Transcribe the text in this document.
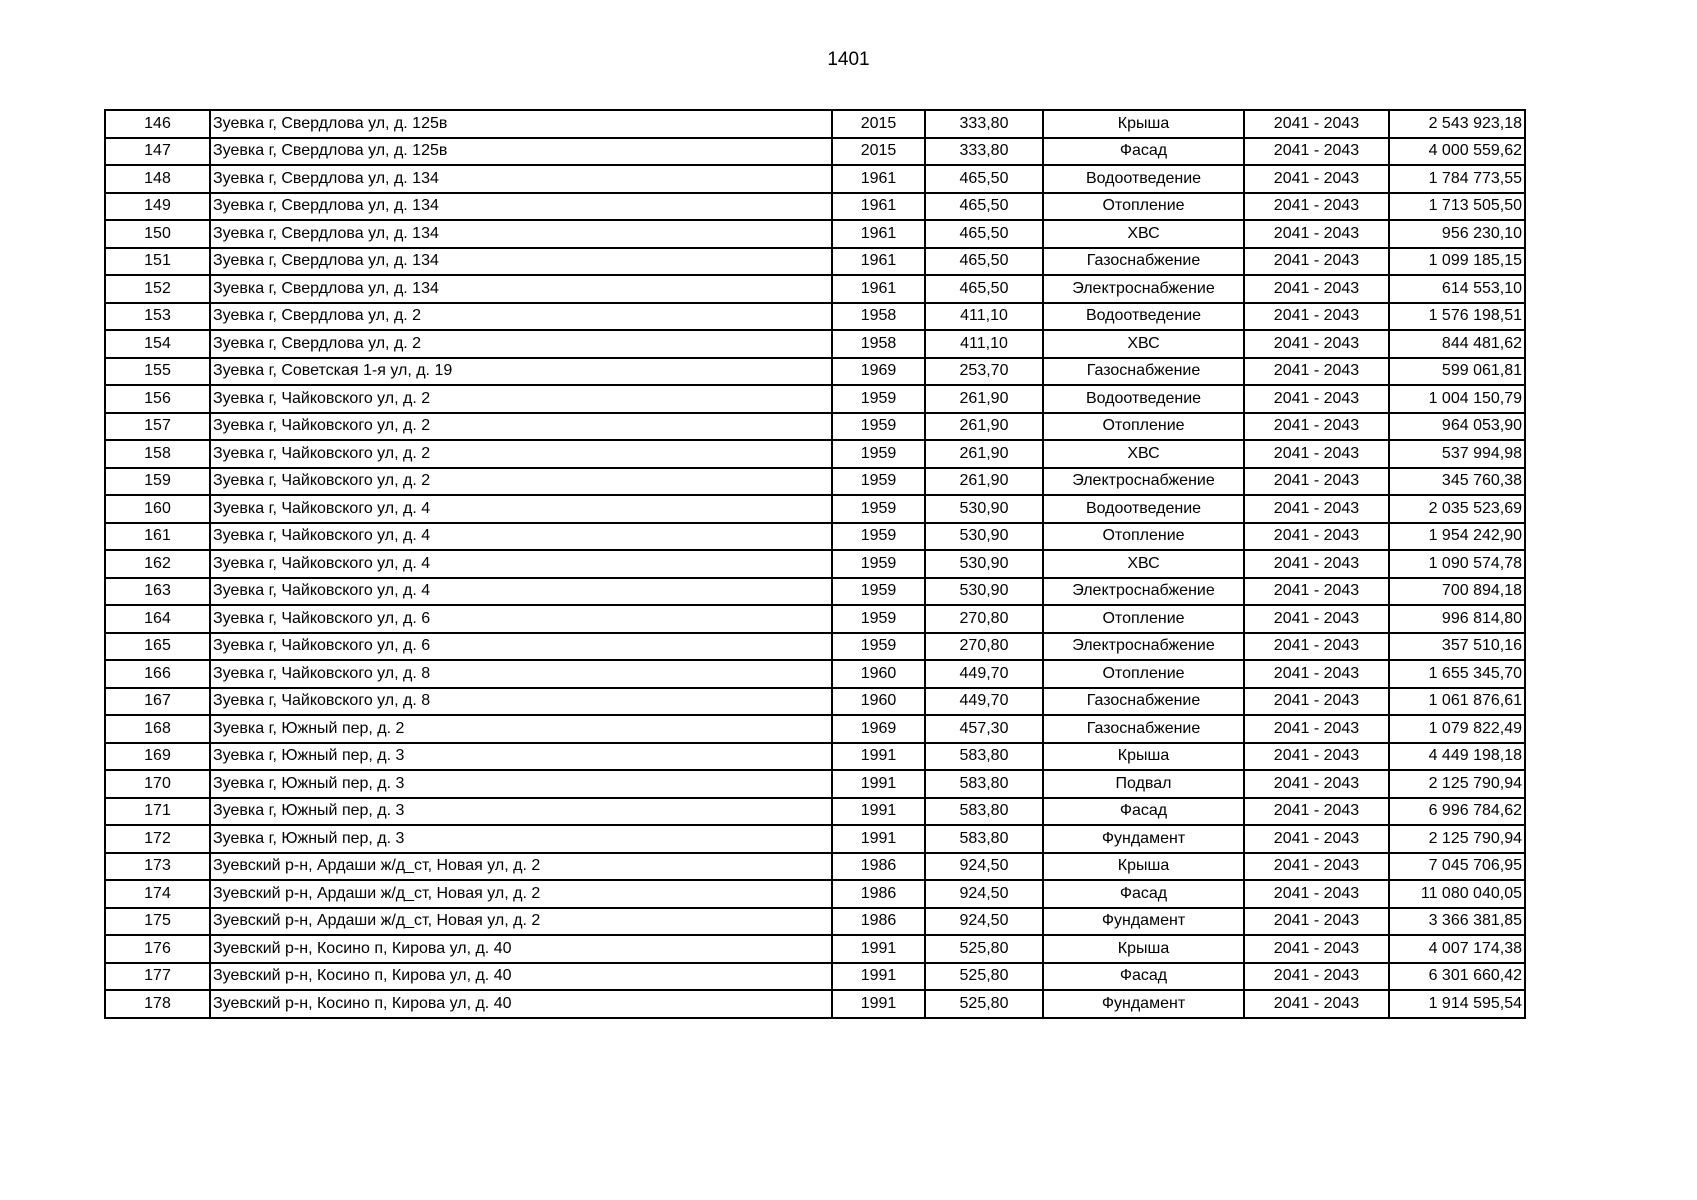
1401
146	Зуевка г, Свердлова ул, д. 125в	2015	333,80	Крыша	2041 - 2043	2 543 923,18
147	Зуевка г, Свердлова ул, д. 125в	2015	333,80	Фасад	2041 - 2043	4 000 559,62
148	Зуевка г, Свердлова ул, д. 134	1961	465,50	Водоотведение	2041 - 2043	1 784 773,55
149	Зуевка г, Свердлова ул, д. 134	1961	465,50	Отопление	2041 - 2043	1 713 505,50
150	Зуевка г, Свердлова ул, д. 134	1961	465,50	ХВС	2041 - 2043	956 230,10
151	Зуевка г, Свердлова ул, д. 134	1961	465,50	Газоснабжение	2041 - 2043	1 099 185,15
152	Зуевка г, Свердлова ул, д. 134	1961	465,50	Электроснабжение	2041 - 2043	614 553,10
153	Зуевка г, Свердлова ул, д. 2	1958	411,10	Водоотведение	2041 - 2043	1 576 198,51
154	Зуевка г, Свердлова ул, д. 2	1958	411,10	ХВС	2041 - 2043	844 481,62
155	Зуевка г, Советская 1-я ул, д. 19	1969	253,70	Газоснабжение	2041 - 2043	599 061,81
156	Зуевка г, Чайковского ул, д. 2	1959	261,90	Водоотведение	2041 - 2043	1 004 150,79
157	Зуевка г, Чайковского ул, д. 2	1959	261,90	Отопление	2041 - 2043	964 053,90
158	Зуевка г, Чайковского ул, д. 2	1959	261,90	ХВС	2041 - 2043	537 994,98
159	Зуевка г, Чайковского ул, д. 2	1959	261,90	Электроснабжение	2041 - 2043	345 760,38
160	Зуевка г, Чайковского ул, д. 4	1959	530,90	Водоотведение	2041 - 2043	2 035 523,69
161	Зуевка г, Чайковского ул, д. 4	1959	530,90	Отопление	2041 - 2043	1 954 242,90
162	Зуевка г, Чайковского ул, д. 4	1959	530,90	ХВС	2041 - 2043	1 090 574,78
163	Зуевка г, Чайковского ул, д. 4	1959	530,90	Электроснабжение	2041 - 2043	700 894,18
164	Зуевка г, Чайковского ул, д. 6	1959	270,80	Отопление	2041 - 2043	996 814,80
165	Зуевка г, Чайковского ул, д. 6	1959	270,80	Электроснабжение	2041 - 2043	357 510,16
166	Зуевка г, Чайковского ул, д. 8	1960	449,70	Отопление	2041 - 2043	1 655 345,70
167	Зуевка г, Чайковского ул, д. 8	1960	449,70	Газоснабжение	2041 - 2043	1 061 876,61
168	Зуевка г, Южный пер, д. 2	1969	457,30	Газоснабжение	2041 - 2043	1 079 822,49
169	Зуевка г, Южный пер, д. 3	1991	583,80	Крыша	2041 - 2043	4 449 198,18
170	Зуевка г, Южный пер, д. 3	1991	583,80	Подвал	2041 - 2043	2 125 790,94
171	Зуевка г, Южный пер, д. 3	1991	583,80	Фасад	2041 - 2043	6 996 784,62
172	Зуевка г, Южный пер, д. 3	1991	583,80	Фундамент	2041 - 2043	2 125 790,94
173	Зуевский р-н, Ардаши ж/д_ст, Новая ул, д. 2	1986	924,50	Крыша	2041 - 2043	7 045 706,95
174	Зуевский р-н, Ардаши ж/д_ст, Новая ул, д. 2	1986	924,50	Фасад	2041 - 2043	11 080 040,05
175	Зуевский р-н, Ардаши ж/д_ст, Новая ул, д. 2	1986	924,50	Фундамент	2041 - 2043	3 366 381,85
176	Зуевский р-н, Косино п, Кирова ул, д. 40	1991	525,80	Крыша	2041 - 2043	4 007 174,38
177	Зуевский р-н, Косино п, Кирова ул, д. 40	1991	525,80	Фасад	2041 - 2043	6 301 660,42
178	Зуевский р-н, Косино п, Кирова ул, д. 40	1991	525,80	Фундамент	2041 - 2043	1 914 595,54
